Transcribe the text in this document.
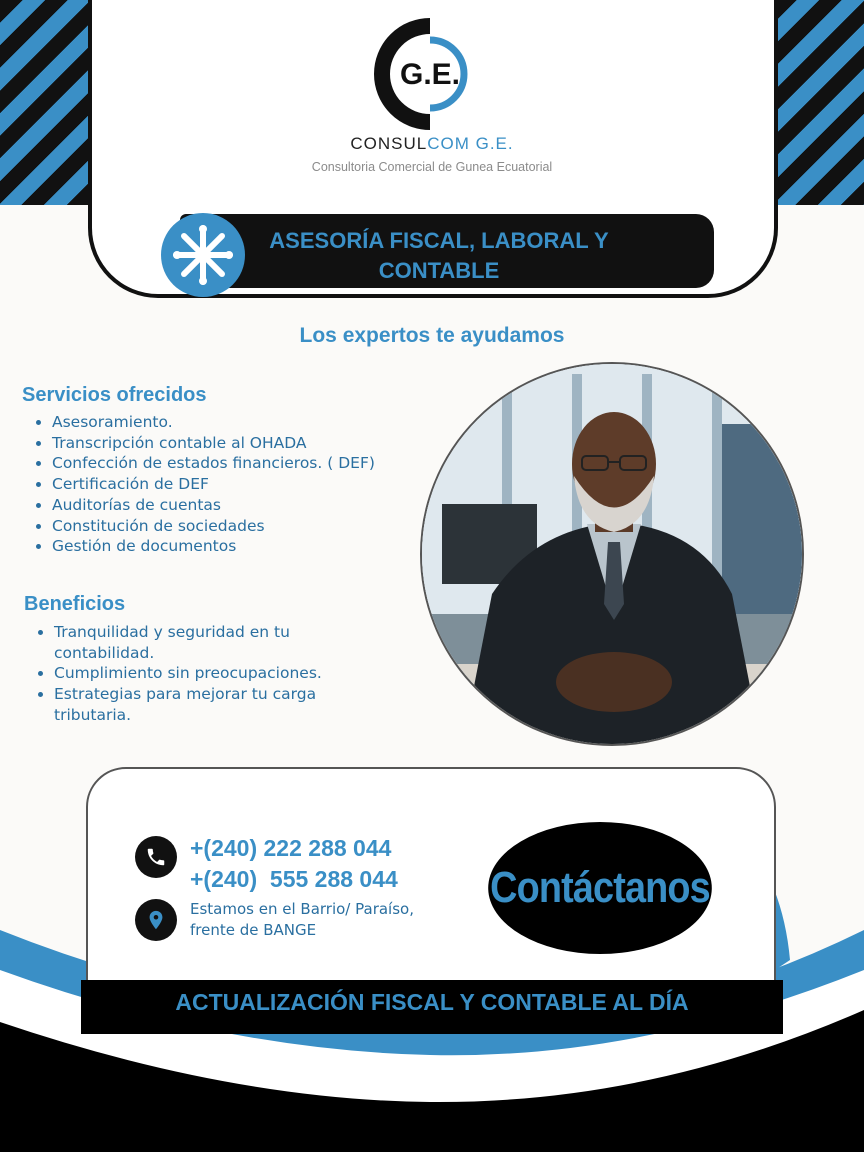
G.E.
CONSULCOM G.E.
Consultoria Comercial de Gunea Ecuatorial
ASESORÍA FISCAL, LABORAL Y
CONTABLE
Los expertos te ayudamos
Servicios ofrecidos
• Asesoramiento.
• Transcripción contable al OHADA
• Confección de estados financieros. ( DEF)
• Certificación de DEF
• Auditorías de cuentas
• Constitución de sociedades
• Gestión de documentos
Beneficios
• Tranquilidad y seguridad en tu contabilidad.
• Cumplimiento sin preocupaciones.
• Estrategias para mejorar tu carga tributaria.
+(240) 222 288 044
+(240)  555 288 044
Estamos en el Barrio/ Paraíso,
frente de BANGE
Contáctanos
ACTUALIZACIÓN FISCAL Y CONTABLE AL DÍA
